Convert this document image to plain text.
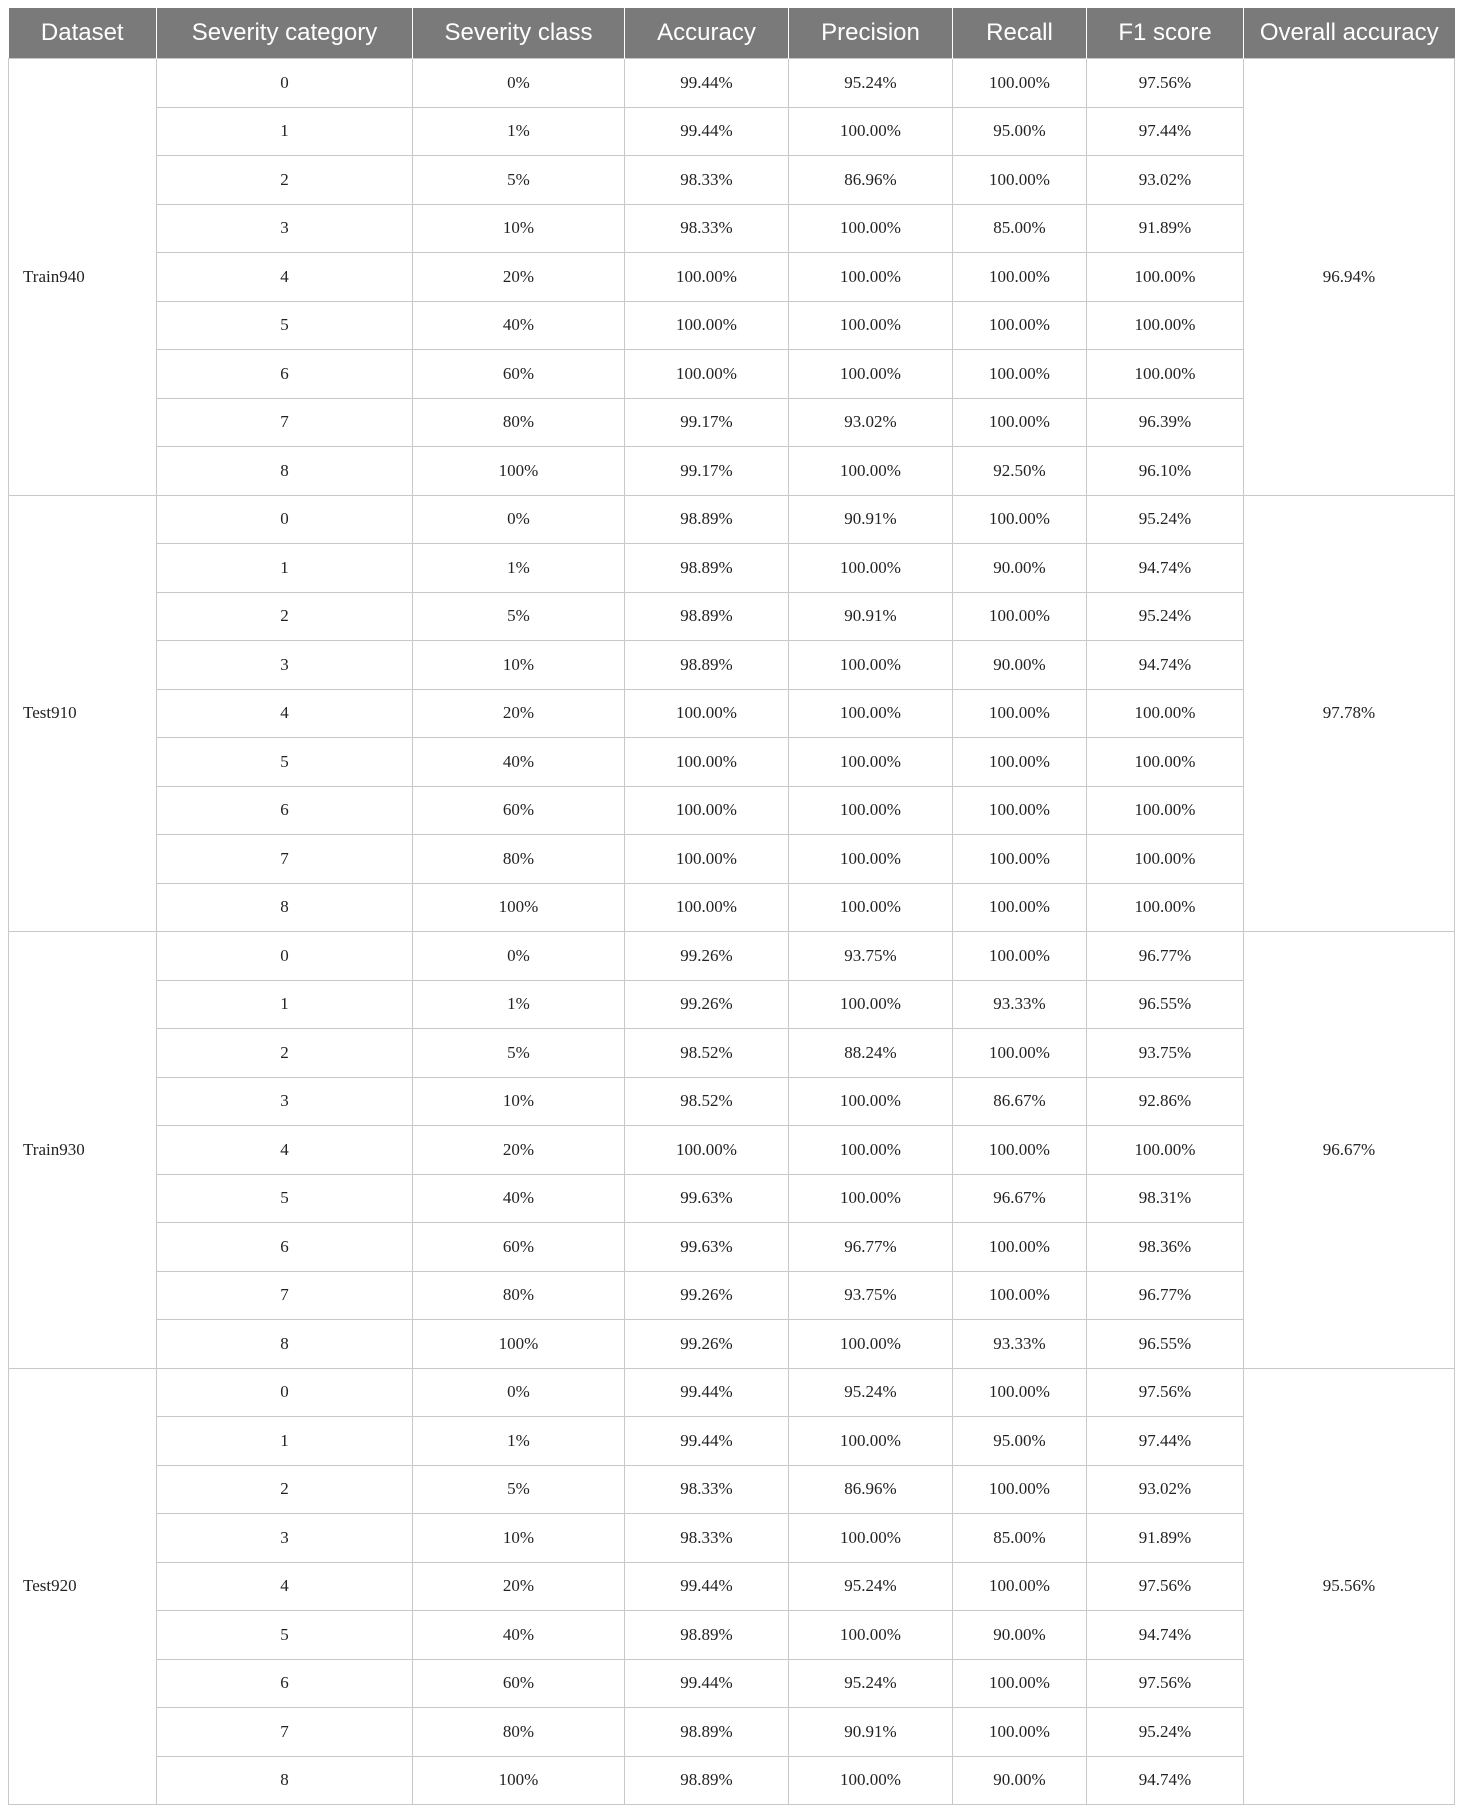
Dataset	Severity category	Severity class	Accuracy	Precision	Recall	F1 score	Overall accuracy
Train940	0	0%	99.44%	95.24%	100.00%	97.56%	96.94%
	1	1%	99.44%	100.00%	95.00%	97.44%	
	2	5%	98.33%	86.96%	100.00%	93.02%	
	3	10%	98.33%	100.00%	85.00%	91.89%	
	4	20%	100.00%	100.00%	100.00%	100.00%	
	5	40%	100.00%	100.00%	100.00%	100.00%	
	6	60%	100.00%	100.00%	100.00%	100.00%	
	7	80%	99.17%	93.02%	100.00%	96.39%	
	8	100%	99.17%	100.00%	92.50%	96.10%	
Test910	0	0%	98.89%	90.91%	100.00%	95.24%	97.78%
	1	1%	98.89%	100.00%	90.00%	94.74%	
	2	5%	98.89%	90.91%	100.00%	95.24%	
	3	10%	98.89%	100.00%	90.00%	94.74%	
	4	20%	100.00%	100.00%	100.00%	100.00%	
	5	40%	100.00%	100.00%	100.00%	100.00%	
	6	60%	100.00%	100.00%	100.00%	100.00%	
	7	80%	100.00%	100.00%	100.00%	100.00%	
	8	100%	100.00%	100.00%	100.00%	100.00%	
Train930	0	0%	99.26%	93.75%	100.00%	96.77%	96.67%
	1	1%	99.26%	100.00%	93.33%	96.55%	
	2	5%	98.52%	88.24%	100.00%	93.75%	
	3	10%	98.52%	100.00%	86.67%	92.86%	
	4	20%	100.00%	100.00%	100.00%	100.00%	
	5	40%	99.63%	100.00%	96.67%	98.31%	
	6	60%	99.63%	96.77%	100.00%	98.36%	
	7	80%	99.26%	93.75%	100.00%	96.77%	
	8	100%	99.26%	100.00%	93.33%	96.55%	
Test920	0	0%	99.44%	95.24%	100.00%	97.56%	95.56%
	1	1%	99.44%	100.00%	95.00%	97.44%	
	2	5%	98.33%	86.96%	100.00%	93.02%	
	3	10%	98.33%	100.00%	85.00%	91.89%	
	4	20%	99.44%	95.24%	100.00%	97.56%	
	5	40%	98.89%	100.00%	90.00%	94.74%	
	6	60%	99.44%	95.24%	100.00%	97.56%	
	7	80%	98.89%	90.91%	100.00%	95.24%	
	8	100%	98.89%	100.00%	90.00%	94.74%	
